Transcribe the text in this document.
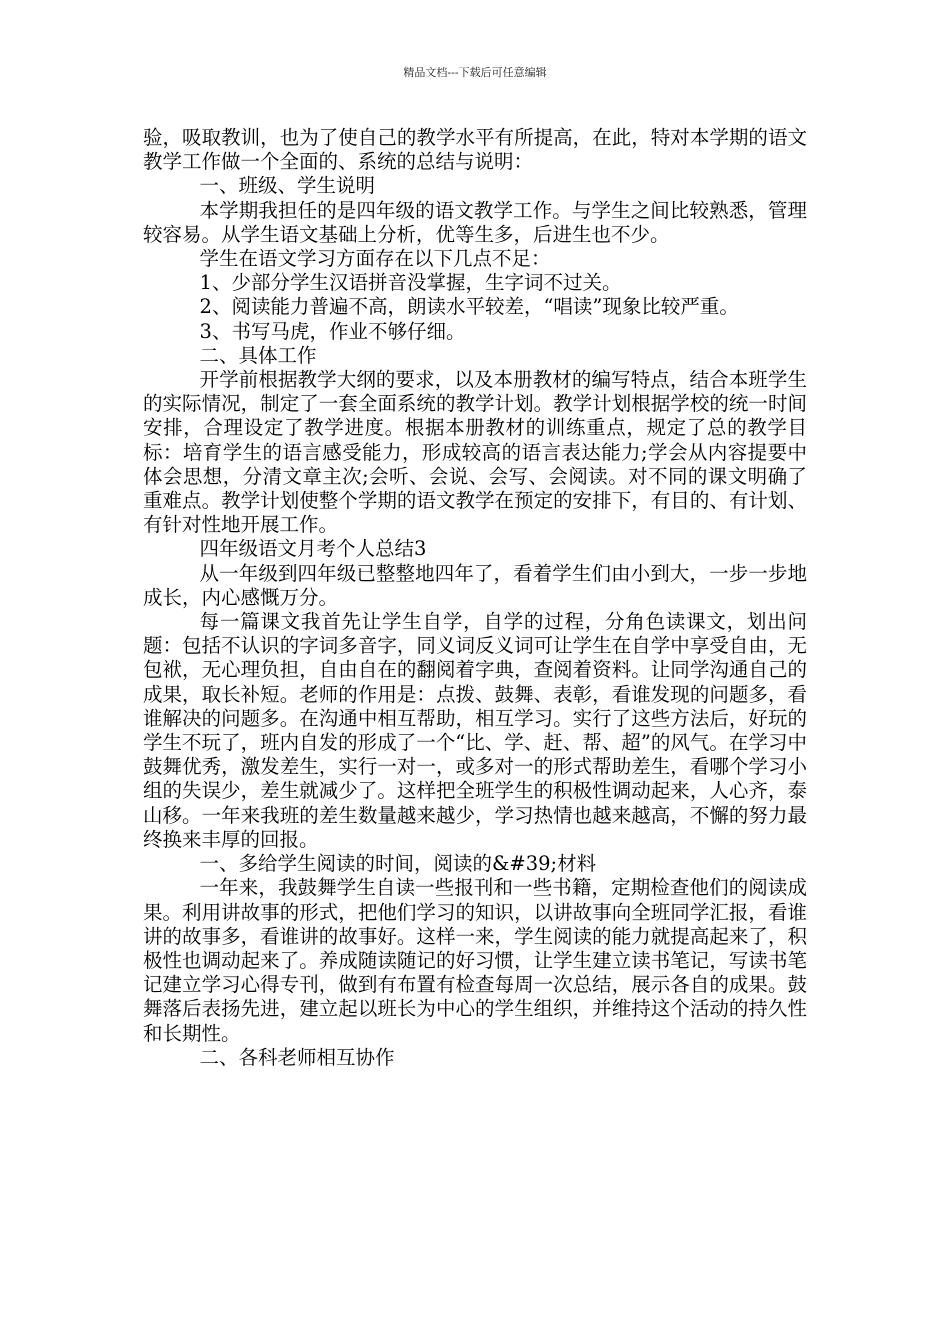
精品文档---下载后可任意编辑

验，吸取教训，也为了使自己的教学水平有所提高，在此，特对本学期的语文教学工作做一个全面的、系统的总结与说明：

一、班级、学生说明

本学期我担任的是四年级的语文教学工作。与学生之间比较熟悉，管理较容易。从学生语文基础上分析，优等生多，后进生也不少。

学生在语文学习方面存在以下几点不足：

1、少部分学生汉语拼音没掌握，生字词不过关。

2、阅读能力普遍不高，朗读水平较差，“唱读”现象比较严重。

3、书写马虎，作业不够仔细。

二、具体工作

开学前根据教学大纲的要求，以及本册教材的编写特点，结合本班学生的实际情况，制定了一套全面系统的教学计划。教学计划根据学校的统一时间安排，合理设定了教学进度。根据本册教材的训练重点，规定了总的教学目标：培育学生的语言感受能力，形成较高的语言表达能力;学会从内容提要中体会思想，分清文章主次;会听、会说、会写、会阅读。对不同的课文明确了重难点。教学计划使整个学期的语文教学在预定的安排下，有目的、有计划、有针对性地开展工作。

四年级语文月考个人总结3

从一年级到四年级已整整地四年了，看着学生们由小到大，一步一步地成长，内心感慨万分。

每一篇课文我首先让学生自学，自学的过程，分角色读课文，划出问题：包括不认识的字词多音字，同义词反义词可让学生在自学中享受自由，无包袱，无心理负担，自由自在的翻阅着字典，查阅着资料。让同学沟通自己的成果，取长补短。老师的作用是：点拨、鼓舞、表彰，看谁发现的问题多，看谁解决的问题多。在沟通中相互帮助，相互学习。实行了这些方法后，好玩的学生不玩了，班内自发的形成了一个“比、学、赶、帮、超”的风气。在学习中鼓舞优秀，激发差生，实行一对一，或多对一的形式帮助差生，看哪个学习小组的失误少，差生就减少了。这样把全班学生的积极性调动起来，人心齐，泰山移。一年来我班的差生数量越来越少，学习热情也越来越高，不懈的努力最终换来丰厚的回报。

一、多给学生阅读的时间，阅读的&#39;材料

一年来，我鼓舞学生自读一些报刊和一些书籍，定期检查他们的阅读成果。利用讲故事的形式，把他们学习的知识，以讲故事向全班同学汇报，看谁讲的故事多，看谁讲的故事好。这样一来，学生阅读的能力就提高起来了，积极性也调动起来了。养成随读随记的好习惯，让学生建立读书笔记，写读书笔记建立学习心得专刊，做到有布置有检查每周一次总结，展示各自的成果。鼓舞落后表扬先进，建立起以班长为中心的学生组织，并维持这个活动的持久性和长期性。

二、各科老师相互协作
